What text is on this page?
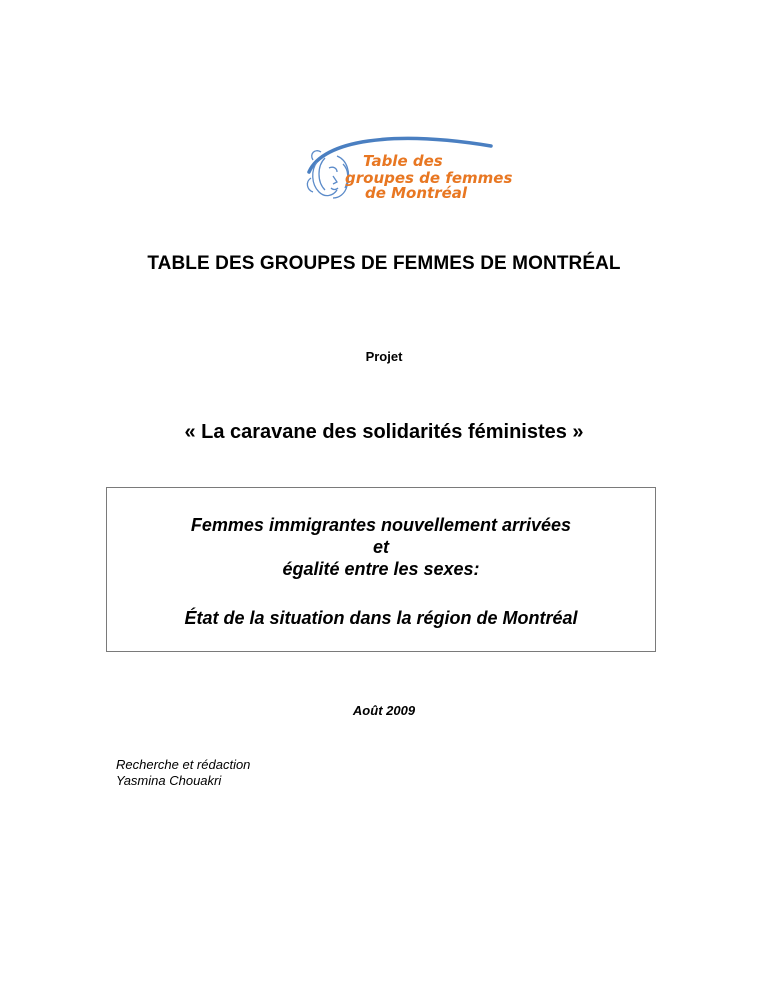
Table des
groupes de femmes
de Montréal
TABLE DES GROUPES DE FEMMES DE MONTRÉAL
Projet
« La caravane des solidarités féministes »
Femmes immigrantes nouvellement arrivées
et
égalité entre les sexes:
État de la situation dans la région de Montréal
Août 2009
Recherche et rédaction
Yasmina Chouakri
